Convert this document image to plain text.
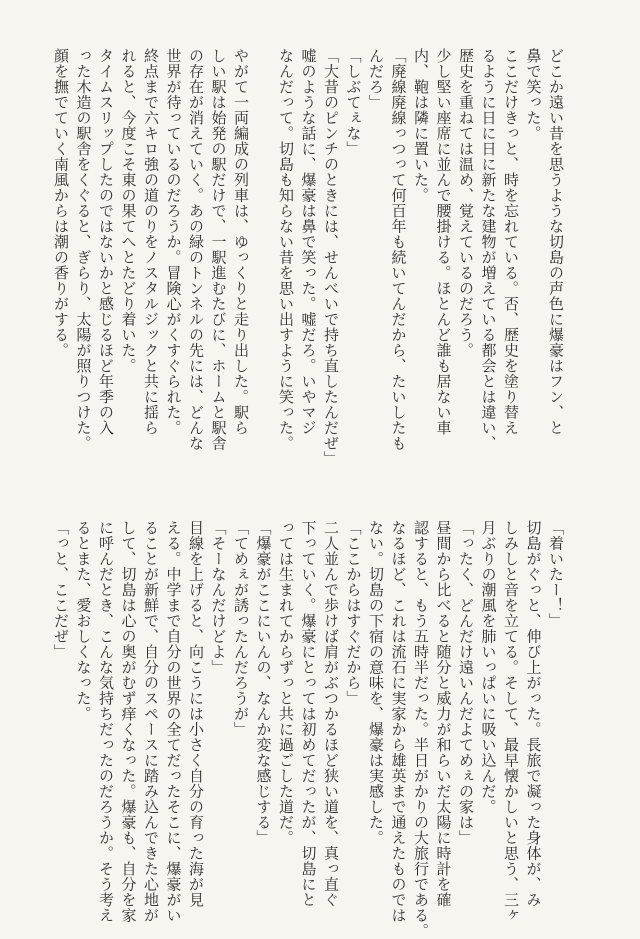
どこか遠い昔を思うような切島の声色に爆豪はフン、と
鼻で笑った。
ここだけきっと、時を忘れている。否、歴史を塗り替え
るように日に日に新たな建物が増えている都会とは違い、
歴史を重ねては温め、覚えているのだろう。
少し堅い座席に並んで腰掛ける。ほとんど誰も居ない車
内、鞄は隣に置いた。
「廃線廃線っつって何百年も続いてんだから、たいしたも
んだろ」
「しぶてぇな」
「大昔のピンチのときには、せんべいで持ち直したんだぜ」
嘘のような話に、爆豪は鼻で笑った。嘘だろ。いやマジ
なんだって。切島も知らない昔を思い出すように笑った。

やがて一両編成の列車は、ゆっくりと走り出した。駅ら
しい駅は始発の駅だけで、一駅進むたびに、ホームと駅舎
の存在が消えていく。あの緑のトンネルの先には、どんな
世界が待っているのだろうか。冒険心がくすぐられた。
終点まで六キロ強の道のりをノスタルジックと共に揺ら
れると、今度こそ東の果てへとたどり着いた。
タイムスリップしたのではないかと感じるほど年季の入
った木造の駅舎をくぐると、ぎらり、太陽が照りつけた。
顔を撫でていく南風からは潮の香りがする。
「着いたー！」
切島がぐっと、伸び上がった。長旅で凝った身体が、み
しみしと音を立てる。そして、最早懐かしいと思う、三ヶ
月ぶりの潮風を肺いっぱいに吸い込んだ。
「ったく、どんだけ遠いんだよてめぇの家は」
昼間から比べると随分と威力が和らいだ太陽に時計を確
認すると、もう五時半だった。半日がかりの大旅行である。
なるほど、これは流石に実家から雄英まで通えたものでは
ない。切島の下宿の意味を、爆豪は実感した。
「ここからはすぐだから」
二人並んで歩けば肩がぶつかるほど狭い道を、真っ直ぐ
下っていく。爆豪にとっては初めてだったが、切島にと
っては生まれてからずっと共に過ごした道だ。
「爆豪がここにいんの、なんか変な感じする」
「てめぇが誘ったんだろうが」
「そーなんだけどよ」
目線を上げると、向こうには小さく自分の育った海が見
える。中学まで自分の世界の全てだったそこに、爆豪がい
ることが新鮮で、自分のスペースに踏み込んできた心地が
して、切島は心の奥がむず痒くなった。爆豪も、自分を家
に呼んだとき、こんな気持ちだったのだろうか。そう考え
るとまた、愛おしくなった。
「っと、ここだぜ」
